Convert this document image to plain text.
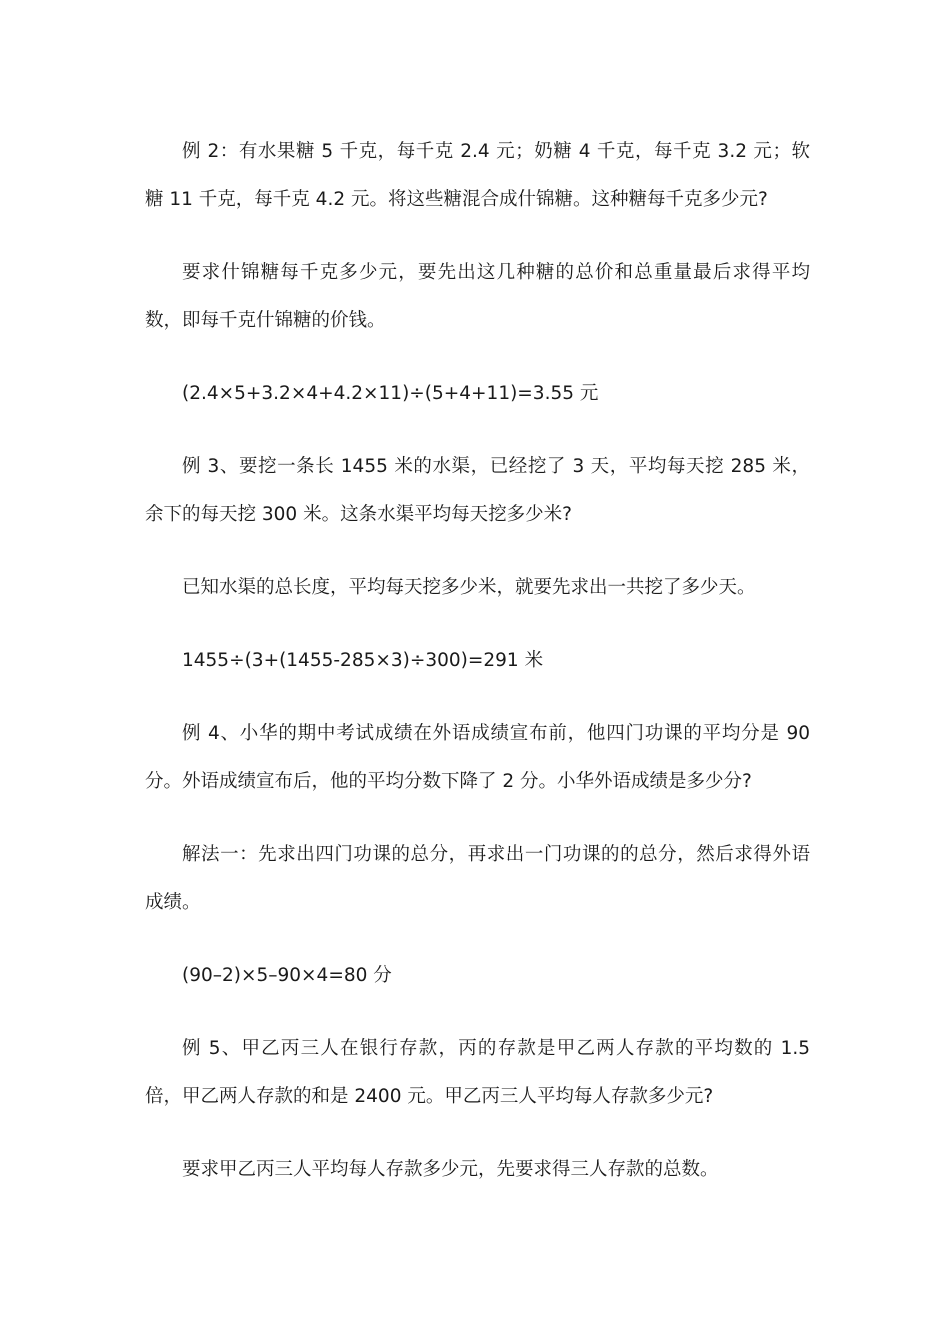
例 2：有水果糖 5 千克，每千克 2.4 元；奶糖 4 千克，每千克 3.2 元；软糖 11 千克，每千克 4.2 元。将这些糖混合成什锦糖。这种糖每千克多少元?

要求什锦糖每千克多少元，要先出这几种糖的总价和总重量最后求得平均数，即每千克什锦糖的价钱。

(2.4×5+3.2×4+4.2×11)÷(5+4+11)=3.55 元

例 3、要挖一条长 1455 米的水渠，已经挖了 3 天，平均每天挖 285 米，余下的每天挖 300 米。这条水渠平均每天挖多少米?

已知水渠的总长度，平均每天挖多少米，就要先求出一共挖了多少天。

1455÷(3+(1455-285×3)÷300)=291 米

例 4、小华的期中考试成绩在外语成绩宣布前，他四门功课的平均分是 90 分。外语成绩宣布后，他的平均分数下降了 2 分。小华外语成绩是多少分?

解法一：先求出四门功课的总分，再求出一门功课的的总分，然后求得外语成绩。

(90–2)×5–90×4=80 分

例 5、甲乙丙三人在银行存款，丙的存款是甲乙两人存款的平均数的 1.5 倍，甲乙两人存款的和是 2400 元。甲乙丙三人平均每人存款多少元?

要求甲乙丙三人平均每人存款多少元，先要求得三人存款的总数。
